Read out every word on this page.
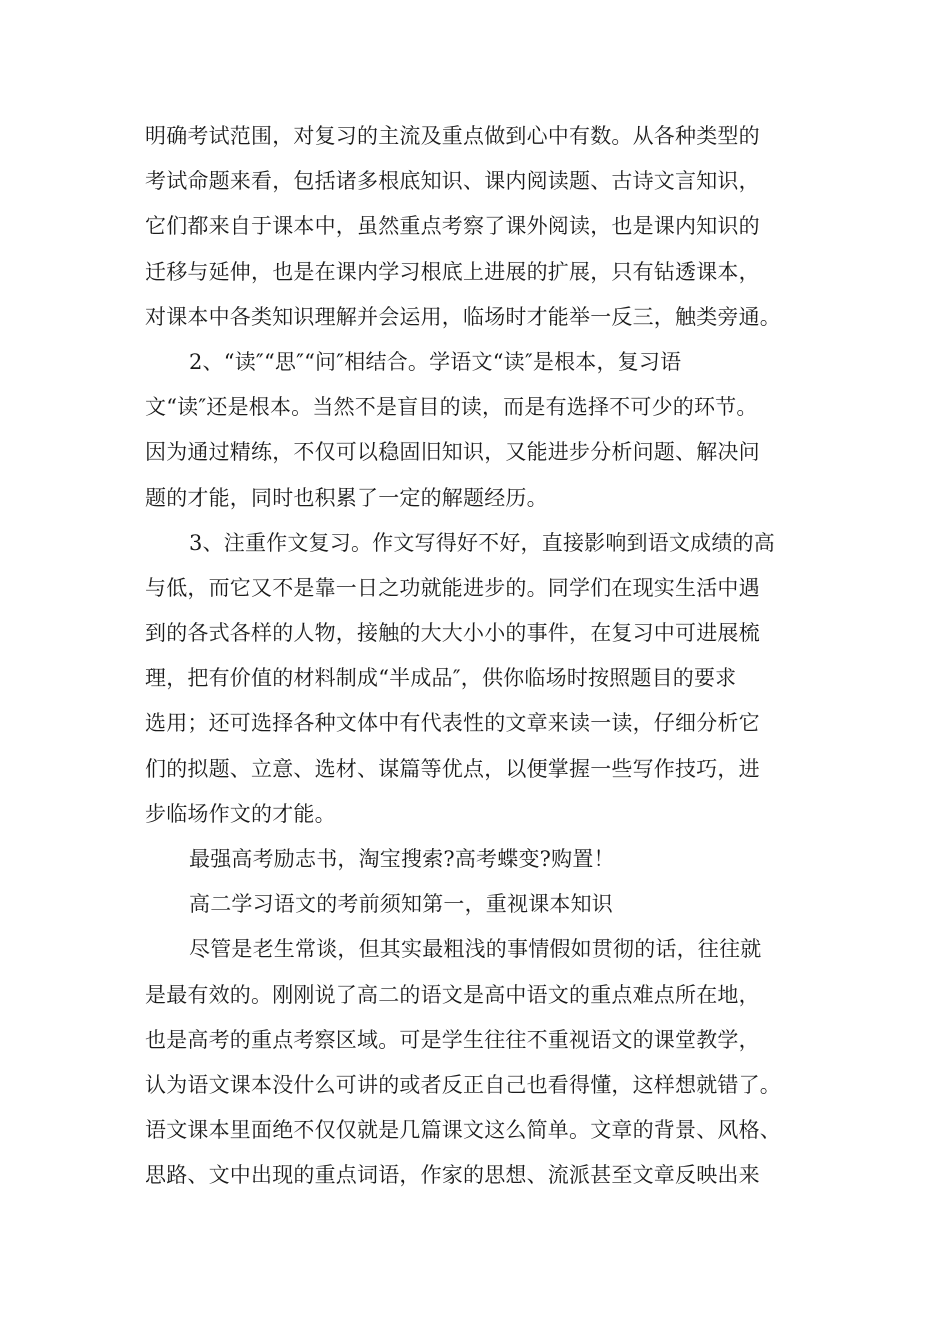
明确考试范围，对复习的主流及重点做到心中有数。从各种类型的
考试命题来看，包括诸多根底知识、课内阅读题、古诗文言知识，
它们都来自于课本中，虽然重点考察了课外阅读，也是课内知识的
迁移与延伸，也是在课内学习根底上进展的扩展，只有钻透课本，
对课本中各类知识理解并会运用，临场时才能举一反三，触类旁通。
2、“读″“思″“问″相结合。学语文“读″是根本，复习语
文“读″还是根本。当然不是盲目的读，而是有选择不可少的环节。
因为通过精练，不仅可以稳固旧知识，又能进步分析问题、解决问
题的才能，同时也积累了一定的解题经历。
3、注重作文复习。作文写得好不好，直接影响到语文成绩的高
与低，而它又不是靠一日之功就能进步的。同学们在现实生活中遇
到的各式各样的人物，接触的大大小小的事件，在复习中可进展梳
理，把有价值的材料制成“半成品″，供你临场时按照题目的要求
选用；还可选择各种文体中有代表性的文章来读一读，仔细分析它
们的拟题、立意、选材、谋篇等优点，以便掌握一些写作技巧，进
步临场作文的才能。
最强高考励志书，淘宝搜索?高考蝶变?购置！
高二学习语文的考前须知第一，重视课本知识
尽管是老生常谈，但其实最粗浅的事情假如贯彻的话，往往就
是最有效的。刚刚说了高二的语文是高中语文的重点难点所在地，
也是高考的重点考察区域。可是学生往往不重视语文的课堂教学，
认为语文课本没什么可讲的或者反正自己也看得懂，这样想就错了。
语文课本里面绝不仅仅就是几篇课文这么简单。文章的背景、风格、
思路、文中出现的重点词语，作家的思想、流派甚至文章反映出来
